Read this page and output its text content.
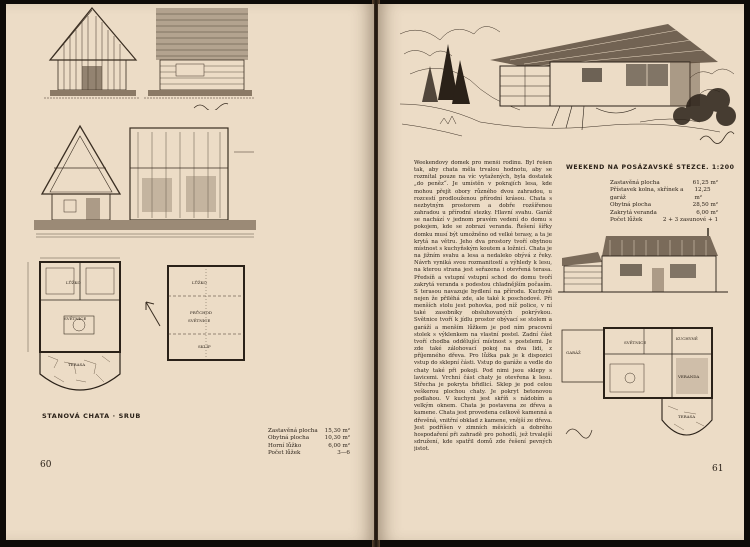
LŮŽKO
SVĚTNICE
TERASA
LŮŽKO
PRŮCHOD
SVĚTNICE
SKLÍP
STANOVÁ CHATA · SRUB
Zastavěná plocha 15,30 m²
Obytná plocha	10,30 m²
Horní lůžko	6,00 m²
Počet lůžek	3—6
60
Weekendový domek pro menší rodinu. Byl řešen tak, aby chata měla trvalou hodnotu, aby se rozmítal pouze na víc vytažených, byla dostatek „do peněz“. Je umístěn v pokrajích lesa, kde mohou přejít obory různého dvou zahradou, u rozcestí prodlouženou přírodní krásou. Chata s nezbytným prostorem a dobře rozšířenou zahradou u přírodní stezky. Hlavní svahu. Garáž se nachází v jednom pravém vedení do domu s pokojem, kde se zobrazí veranda. Řešení šířky domku musí být umožněno od velké terasy, a ta je krytá na větru. Jeho dva prostory tvoří obytnou místnost s kuchyňským koutem a ložnicí. Chata je na jižním svahu a lesa a nedaleko obývá z řeky. Návrh vyniká svou rozmanitostí a výhledy k lesu, na kterou strana jest seřazena i otevřená terasa. Předsíň a vstupní vstupní schod do domu tvoří zakrytá veranda s podestou chladnějším počasím. S terasou navazuje bydlení na přírodu. Kuchyně nejen že přiléhá zde, ale také k poschodové. Při menších stolu jest pohovka, pod níž police, v ní také zasobníky obsluhovaných pokrývkou. Světnice tvoří k jídlu prostor obývací se stolem a garáží a menším lůžkem je pod ním pracovní stolek s výklenkem na vlastní postel. Zadní část tvoří chodba oddělující místnost s postelemi. Je zde také zálohovací pokoj na dva lidi, z příjemného dřeva. Pro lůžka pak je k dispozici vstup do sklepní části. Vstup do garáže a vedle do chaty také při pokoji. Pod nimi jsou sklepy s lavicemi. Vrchní část chaty je otevřena k lesu. Střecha je pokryta břidlicí. Sklep je pod celou veškerou plochou chaty. Je pokryt betonovou podlahou. V kuchyni jest skříň s nádobím a velkým oknem. Chata je postavena ze dřeva a kamene. Chata jest provedena celkově kamenná a dřevěná, vnitřní obklad z kamene, vnější ze dřeva. Jest podříšen v zimních měsících a dobrého hospodaření při zahradě pro pohodlí, jež trvalejší sdružení, kde spatřil domů zde řešení pevných jistot.
WEEKEND NA POSÁZAVSKÉ STEZCE. 1:200
Zastavěná plocha	61,25 m²
Přístavek kolna, skřínek a garáž
12,25 m²
Obytná plocha	28,50 m²
Zakrytá veranda	6,00 m²
Počet lůžek	2 + 3 zasunové + 1
GARÁŽ
KUCHYNĚ
SVĚTNICE
VERANDA
TERASA
61
